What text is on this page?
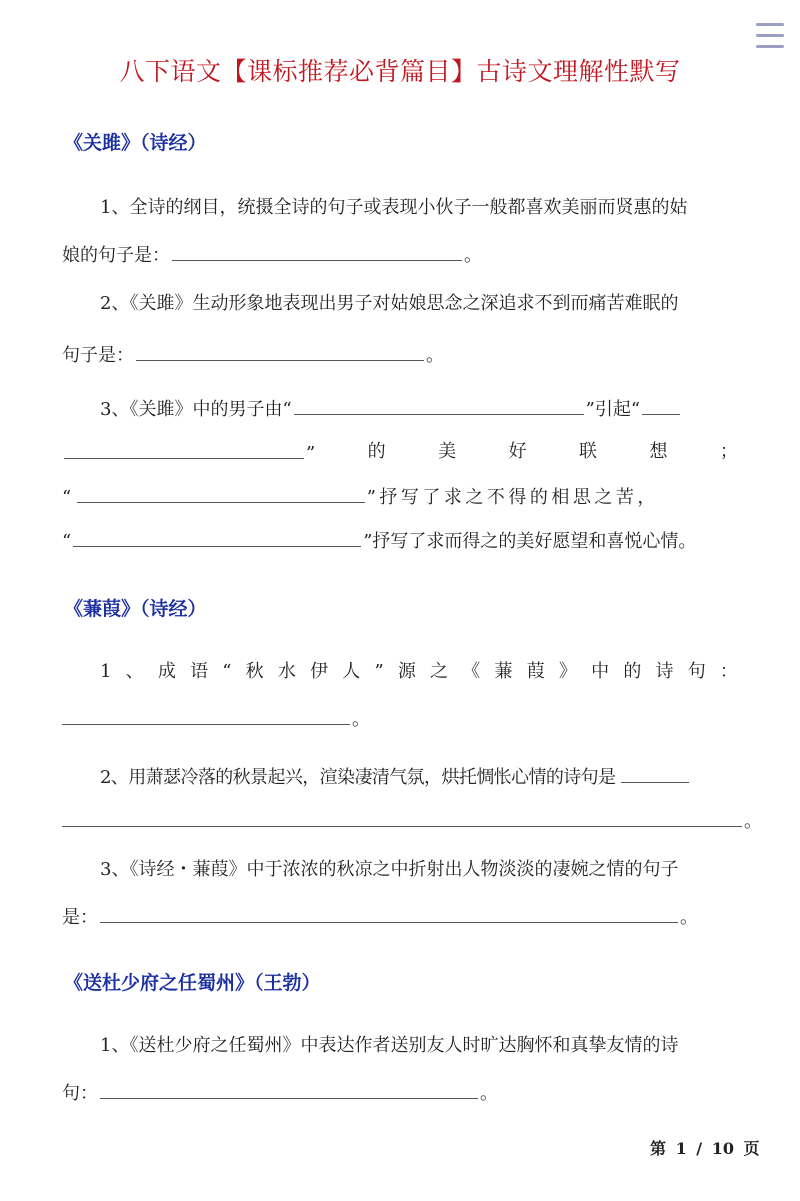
八下语文【课标推荐必背篇目】古诗文理解性默写
《关雎》（诗经）
1、全诗的纲目，统摄全诗的句子或表现小伙子一般都喜欢美丽而贤惠的姑
娘的句子是：	。
2、《关雎》生动形象地表现出男子对姑娘思念之深追求不到而痛苦难眠的
句子是：	。
3、《关雎》中的男子由“	”引起“
”	的	美	好	联	想	；
“	”抒写了求之不得的相思之苦，
“	”抒写了求而得之的美好愿望和喜悦心情。
《蒹葭》（诗经）
1 、 成 语 “ 秋 水 伊 人 ” 源 之 《 蒹 葭 》 中 的 诗 句 ：
。
2、用萧瑟冷落的秋景起兴，渲染凄清气氛，烘托惆怅心情的诗句是
。
3、《诗经・蒹葭》中于浓浓的秋凉之中折射出人物淡淡的凄婉之情的句子
是：	。
《送杜少府之任蜀州》（王勃）
1、《送杜少府之任蜀州》中表达作者送别友人时旷达胸怀和真挚友情的诗
句：	。
第 1 / 10 页
